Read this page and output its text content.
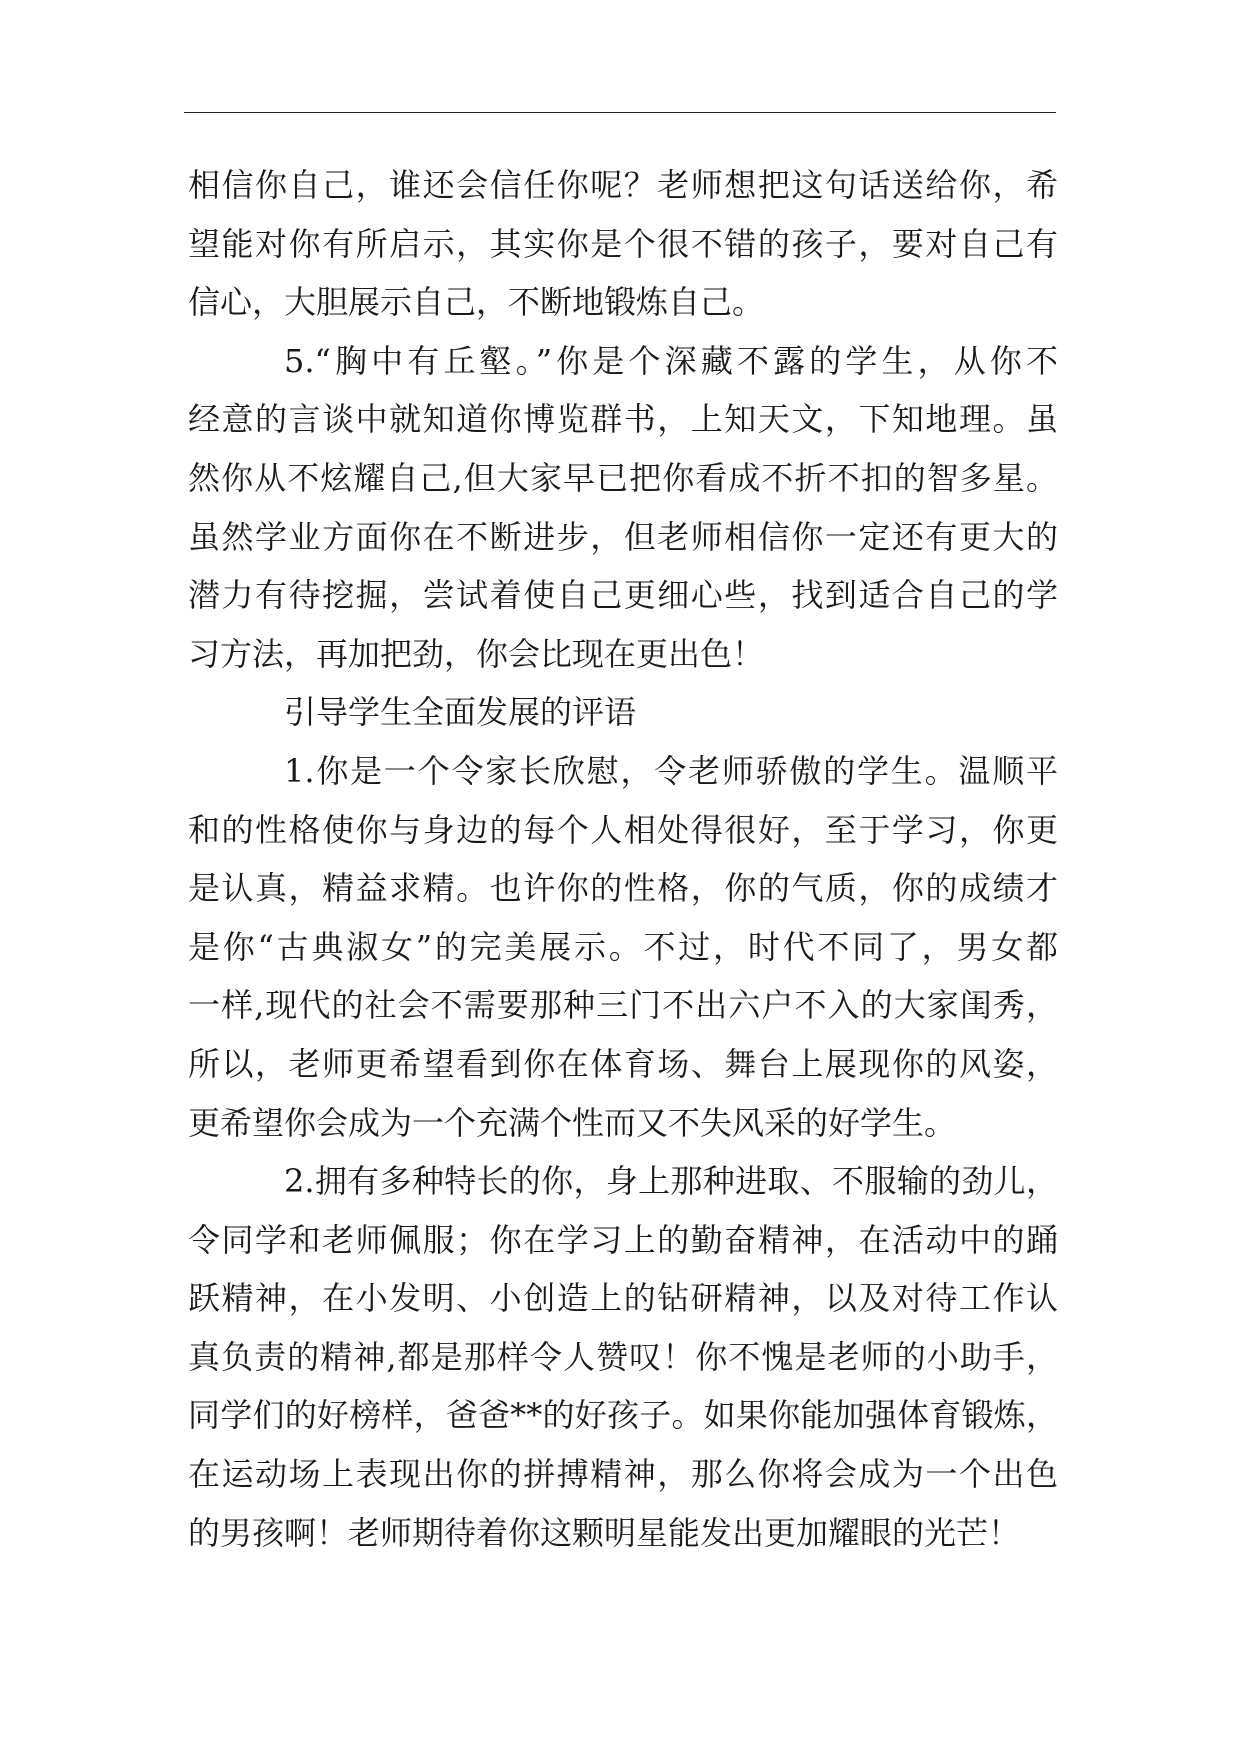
相信你自己，谁还会信任你呢？老师想把这句话送给你，希
望能对你有所启示，其实你是个很不错的孩子，要对自己有
信心，大胆展示自己，不断地锻炼自己。
5.“胸中有丘壑。”你是个深藏不露的学生，从你不
经意的言谈中就知道你博览群书，上知天文，下知地理。虽
然你从不炫耀自己,但大家早已把你看成不折不扣的智多星。
虽然学业方面你在不断进步，但老师相信你一定还有更大的
潜力有待挖掘，尝试着使自己更细心些，找到适合自己的学
习方法，再加把劲，你会比现在更出色！
引导学生全面发展的评语
1.你是一个令家长欣慰，令老师骄傲的学生。温顺平
和的性格使你与身边的每个人相处得很好，至于学习，你更
是认真，精益求精。也许你的性格，你的气质，你的成绩才
是你“古典淑女”的完美展示。不过，时代不同了，男女都
一样,现代的社会不需要那种三门不出六户不入的大家闺秀，
所以，老师更希望看到你在体育场、舞台上展现你的风姿，
更希望你会成为一个充满个性而又不失风采的好学生。
2.拥有多种特长的你，身上那种进取、不服输的劲儿，
令同学和老师佩服；你在学习上的勤奋精神，在活动中的踊
跃精神，在小发明、小创造上的钻研精神，以及对待工作认
真负责的精神,都是那样令人赞叹！你不愧是老师的小助手，
同学们的好榜样，爸爸**的好孩子。如果你能加强体育锻炼，
在运动场上表现出你的拼搏精神，那么你将会成为一个出色
的男孩啊！老师期待着你这颗明星能发出更加耀眼的光芒！
